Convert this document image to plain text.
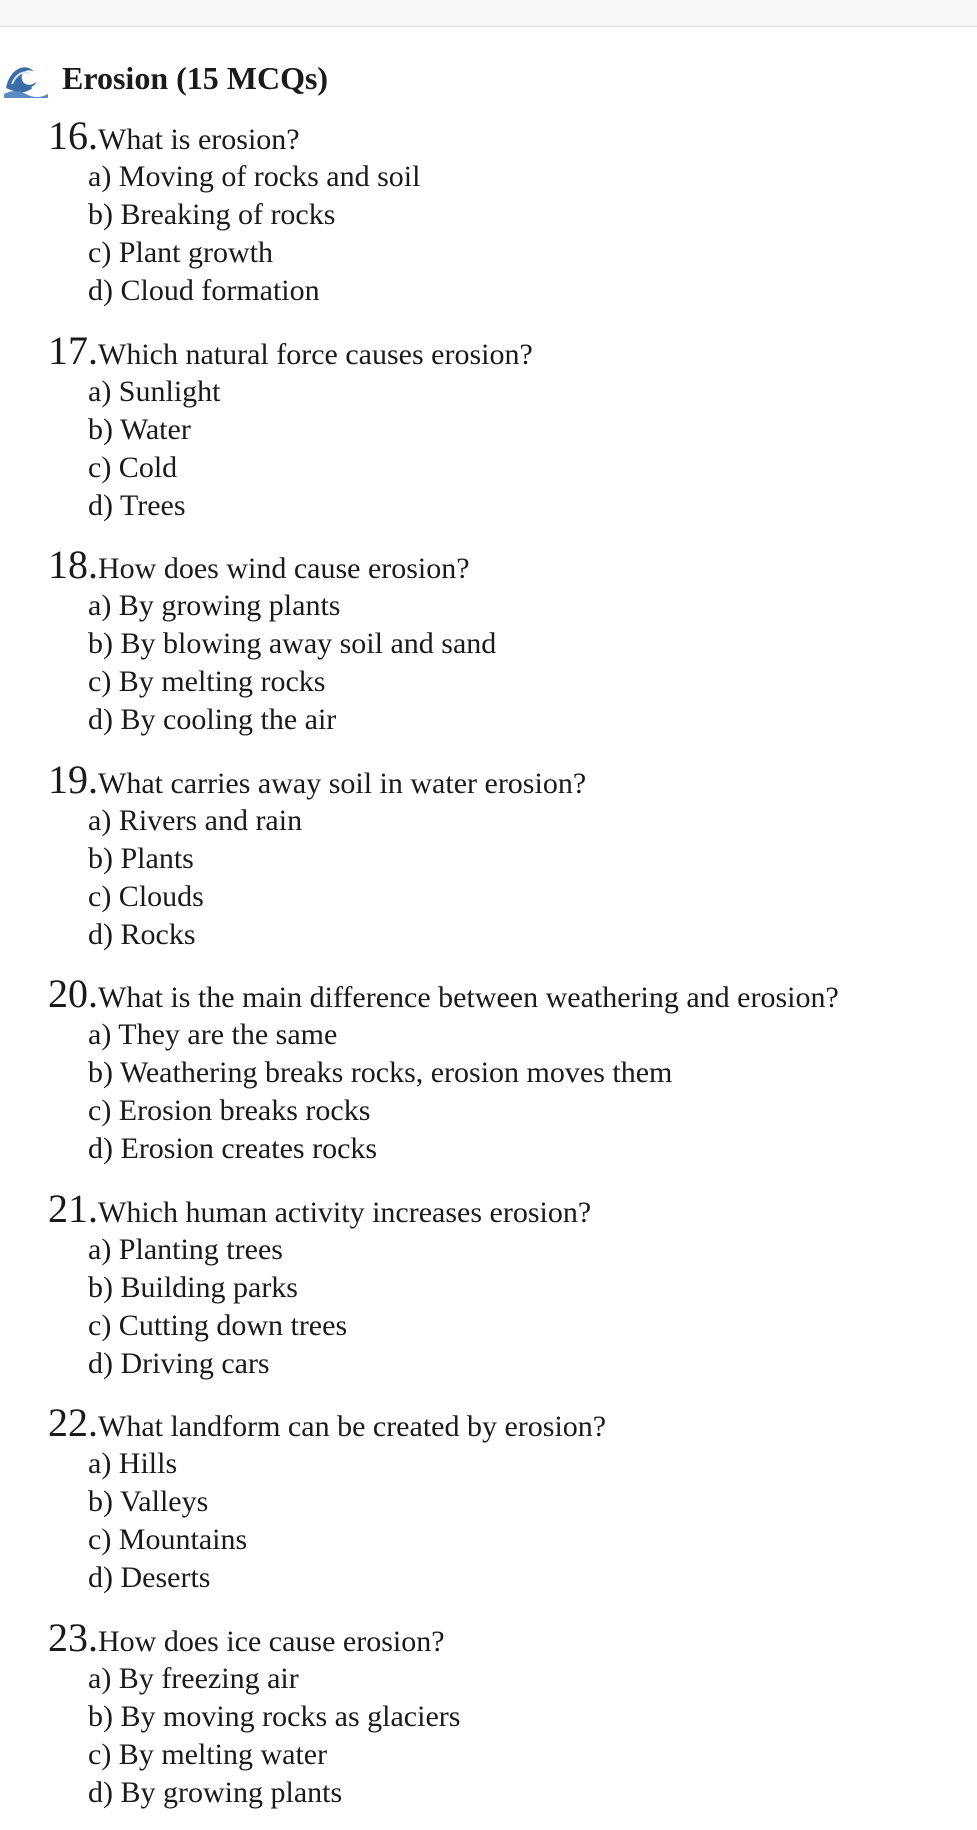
Erosion (15 MCQs)
16. What is erosion?
a) Moving of rocks and soil
b) Breaking of rocks
c) Plant growth
d) Cloud formation
17. Which natural force causes erosion?
a) Sunlight
b) Water
c) Cold
d) Trees
18. How does wind cause erosion?
a) By growing plants
b) By blowing away soil and sand
c) By melting rocks
d) By cooling the air
19. What carries away soil in water erosion?
a) Rivers and rain
b) Plants
c) Clouds
d) Rocks
20. What is the main difference between weathering and erosion?
a) They are the same
b) Weathering breaks rocks, erosion moves them
c) Erosion breaks rocks
d) Erosion creates rocks
21. Which human activity increases erosion?
a) Planting trees
b) Building parks
c) Cutting down trees
d) Driving cars
22. What landform can be created by erosion?
a) Hills
b) Valleys
c) Mountains
d) Deserts
23. How does ice cause erosion?
a) By freezing air
b) By moving rocks as glaciers
c) By melting water
d) By growing plants
